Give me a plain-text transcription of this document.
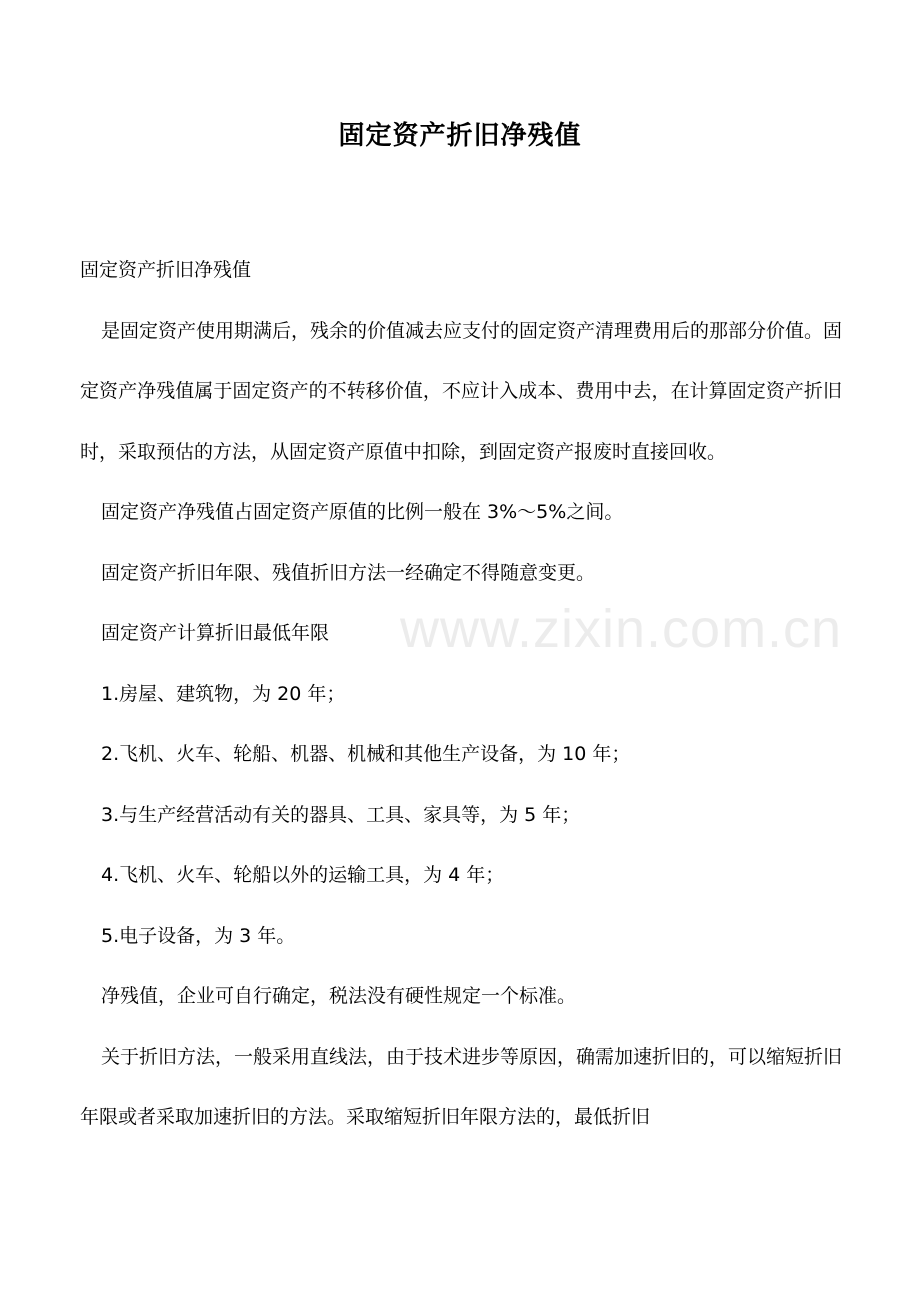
固定资产折旧净残值
www.zixin.com.cn

固定资产折旧净残值

是固定资产使用期满后，残余的价值减去应支付的固定资产清理费用后的那部分价值。固定资产净残值属于固定资产的不转移价值，不应计入成本、费用中去，在计算固定资产折旧时，采取预估的方法，从固定资产原值中扣除，到固定资产报废时直接回收。

固定资产净残值占固定资产原值的比例一般在 3%～5%之间。

固定资产折旧年限、残值折旧方法一经确定不得随意变更。

固定资产计算折旧最低年限

1.房屋、建筑物，为 20 年；

2.飞机、火车、轮船、机器、机械和其他生产设备，为 10 年；

3.与生产经营活动有关的器具、工具、家具等，为 5 年；

4.飞机、火车、轮船以外的运输工具，为 4 年；

5.电子设备，为 3 年。

净残值，企业可自行确定，税法没有硬性规定一个标准。

关于折旧方法，一般采用直线法，由于技术进步等原因，确需加速折旧的，可以缩短折旧年限或者采取加速折旧的方法。采取缩短折旧年限方法的，最低折旧
